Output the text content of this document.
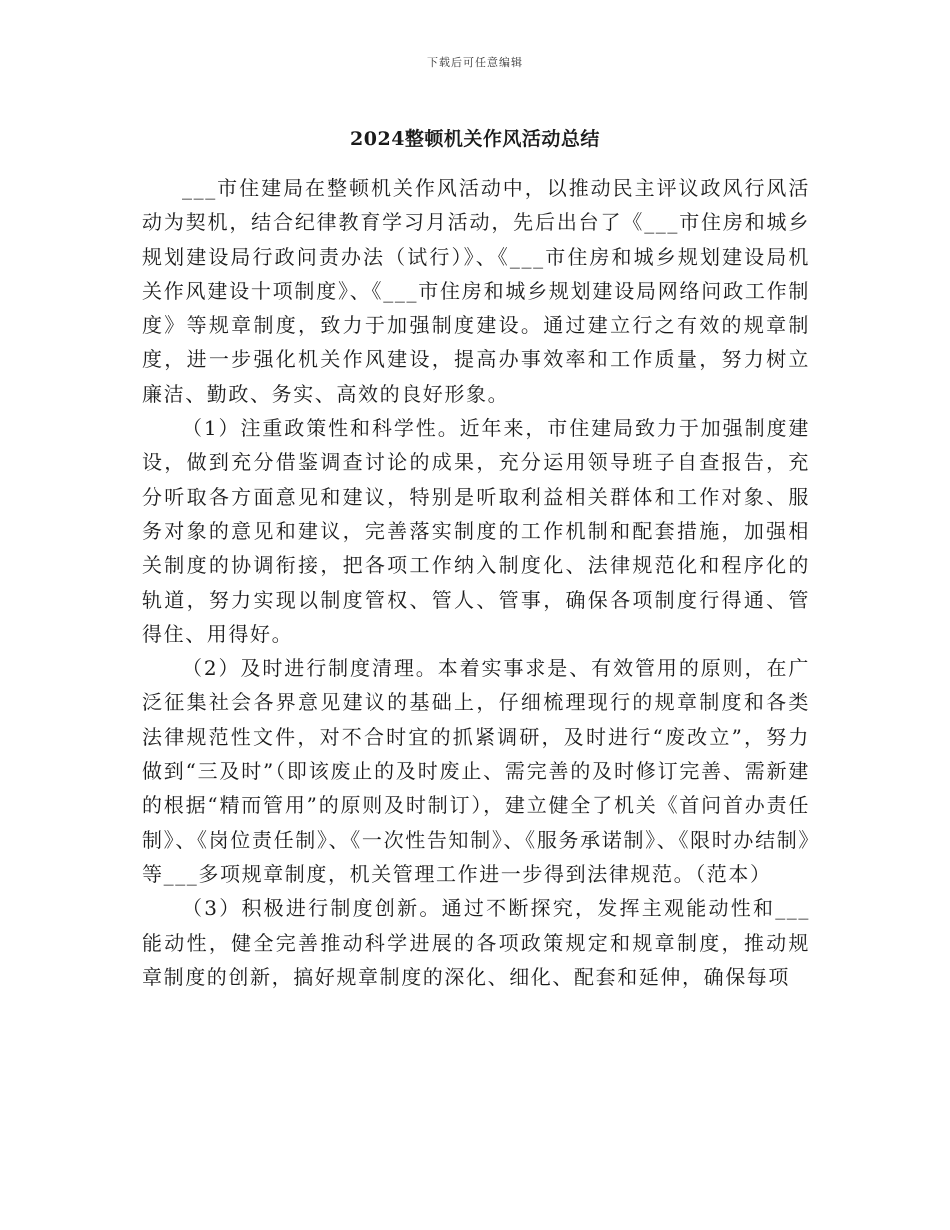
下载后可任意编辑
2024整顿机关作风活动总结

___市住建局在整顿机关作风活动中，以推动民主评议政风行风活动为契机，结合纪律教育学习月活动，先后出台了《___市住房和城乡规划建设局行政问责办法（试行）》、《___市住房和城乡规划建设局机关作风建设十项制度》、《___市住房和城乡规划建设局网络问政工作制度》等规章制度，致力于加强制度建设。通过建立行之有效的规章制度，进一步强化机关作风建设，提高办事效率和工作质量，努力树立廉洁、勤政、务实、高效的良好形象。

（1）注重政策性和科学性。近年来，市住建局致力于加强制度建设，做到充分借鉴调查讨论的成果，充分运用领导班子自查报告，充分听取各方面意见和建议，特别是听取利益相关群体和工作对象、服务对象的意见和建议，完善落实制度的工作机制和配套措施，加强相关制度的协调衔接，把各项工作纳入制度化、法律规范化和程序化的轨道，努力实现以制度管权、管人、管事，确保各项制度行得通、管得住、用得好。

（2）及时进行制度清理。本着实事求是、有效管用的原则，在广泛征集社会各界意见建议的基础上，仔细梳理现行的规章制度和各类法律规范性文件，对不合时宜的抓紧调研，及时进行“废改立”，努力做到“三及时”（即该废止的及时废止、需完善的及时修订完善、需新建的根据“精而管用”的原则及时制订），建立健全了机关《首问首办责任制》、《岗位责任制》、《一次性告知制》、《服务承诺制》、《限时办结制》等___多项规章制度，机关管理工作进一步得到法律规范。（范本）

（3）积极进行制度创新。通过不断探究，发挥主观能动性和___能动性，健全完善推动科学进展的各项政策规定和规章制度，推动规章制度的创新，搞好规章制度的深化、细化、配套和延伸，确保每项
